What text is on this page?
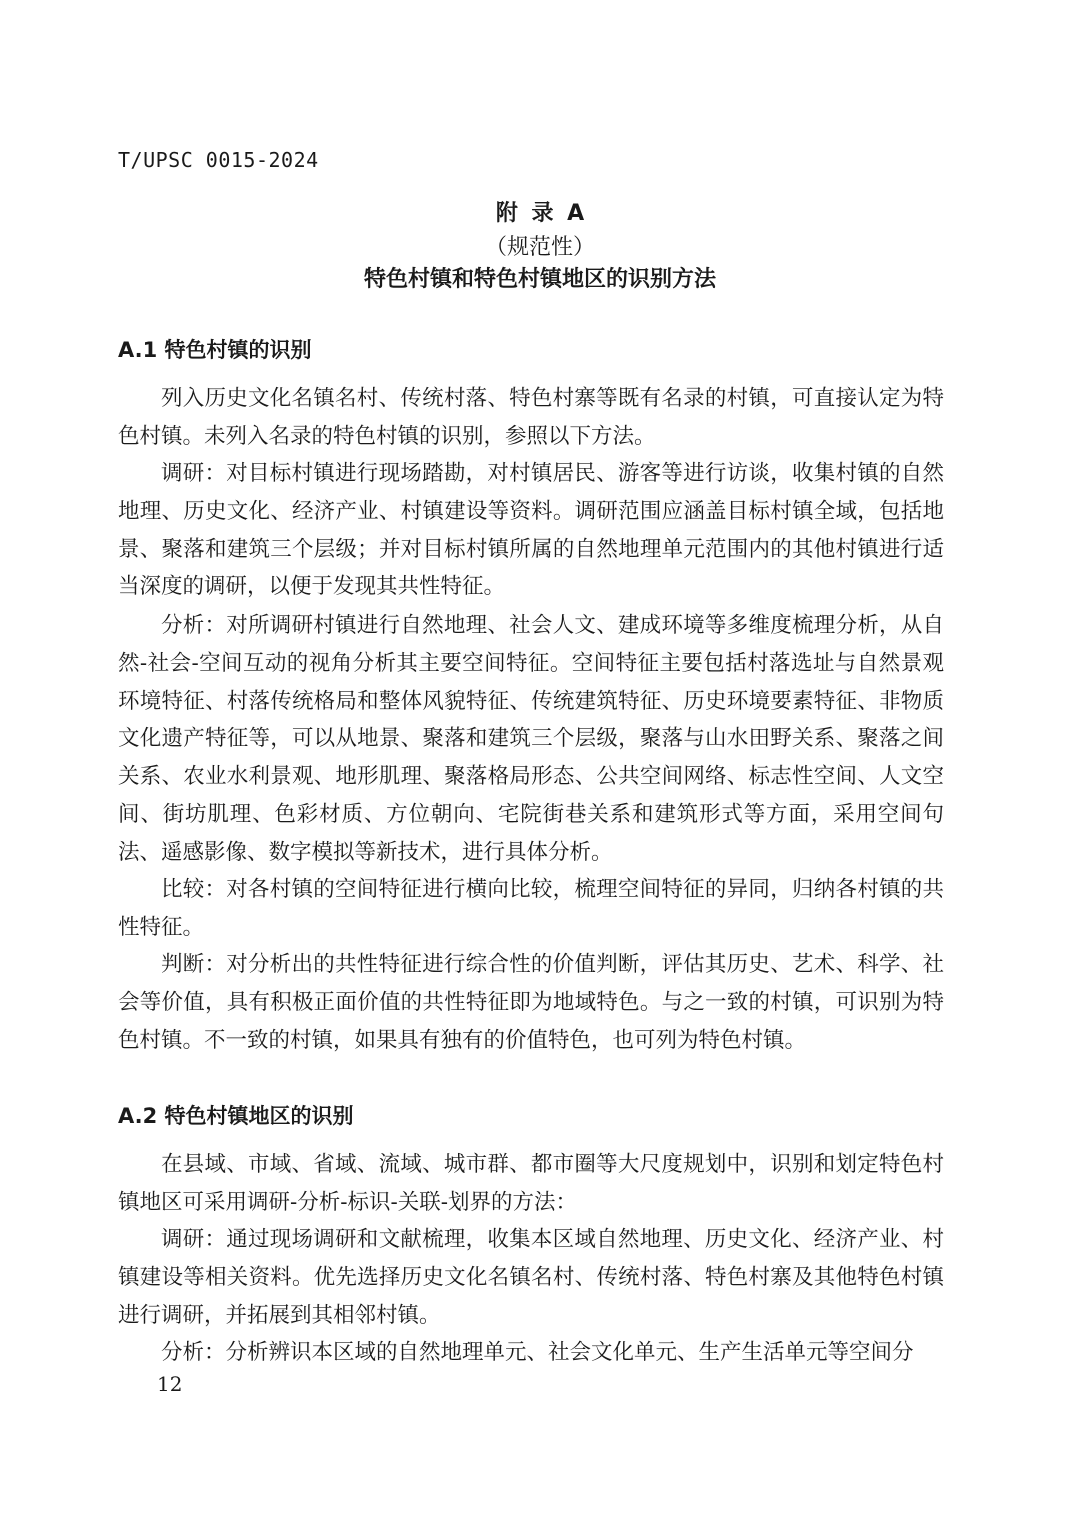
T/UPSC 0015-2024
附 录 A
（规范性）
特色村镇和特色村镇地区的识别方法
A.1 特色村镇的识别

列入历史文化名镇名村、传统村落、特色村寨等既有名录的村镇，可直接认定为特色村镇。未列入名录的特色村镇的识别，参照以下方法。

调研：对目标村镇进行现场踏勘，对村镇居民、游客等进行访谈，收集村镇的自然地理、历史文化、经济产业、村镇建设等资料。调研范围应涵盖目标村镇全域，包括地景、聚落和建筑三个层级；并对目标村镇所属的自然地理单元范围内的其他村镇进行适当深度的调研，以便于发现其共性特征。

分析：对所调研村镇进行自然地理、社会人文、建成环境等多维度梳理分析，从自然-社会-空间互动的视角分析其主要空间特征。空间特征主要包括村落选址与自然景观环境特征、村落传统格局和整体风貌特征、传统建筑特征、历史环境要素特征、非物质文化遗产特征等，可以从地景、聚落和建筑三个层级，聚落与山水田野关系、聚落之间关系、农业水利景观、地形肌理、聚落格局形态、公共空间网络、标志性空间、人文空间、街坊肌理、色彩材质、方位朝向、宅院街巷关系和建筑形式等方面，采用空间句法、遥感影像、数字模拟等新技术，进行具体分析。

比较：对各村镇的空间特征进行横向比较，梳理空间特征的异同，归纳各村镇的共性特征。

判断：对分析出的共性特征进行综合性的价值判断，评估其历史、艺术、科学、社会等价值，具有积极正面价值的共性特征即为地域特色。与之一致的村镇，可识别为特色村镇。不一致的村镇，如果具有独有的价值特色，也可列为特色村镇。

A.2 特色村镇地区的识别

在县域、市域、省域、流域、城市群、都市圈等大尺度规划中，识别和划定特色村镇地区可采用调研-分析-标识-关联-划界的方法：

调研：通过现场调研和文献梳理，收集本区域自然地理、历史文化、经济产业、村镇建设等相关资料。优先选择历史文化名镇名村、传统村落、特色村寨及其他特色村镇进行调研，并拓展到其相邻村镇。

分析：分析辨识本区域的自然地理单元、社会文化单元、生产生活单元等空间分

12
